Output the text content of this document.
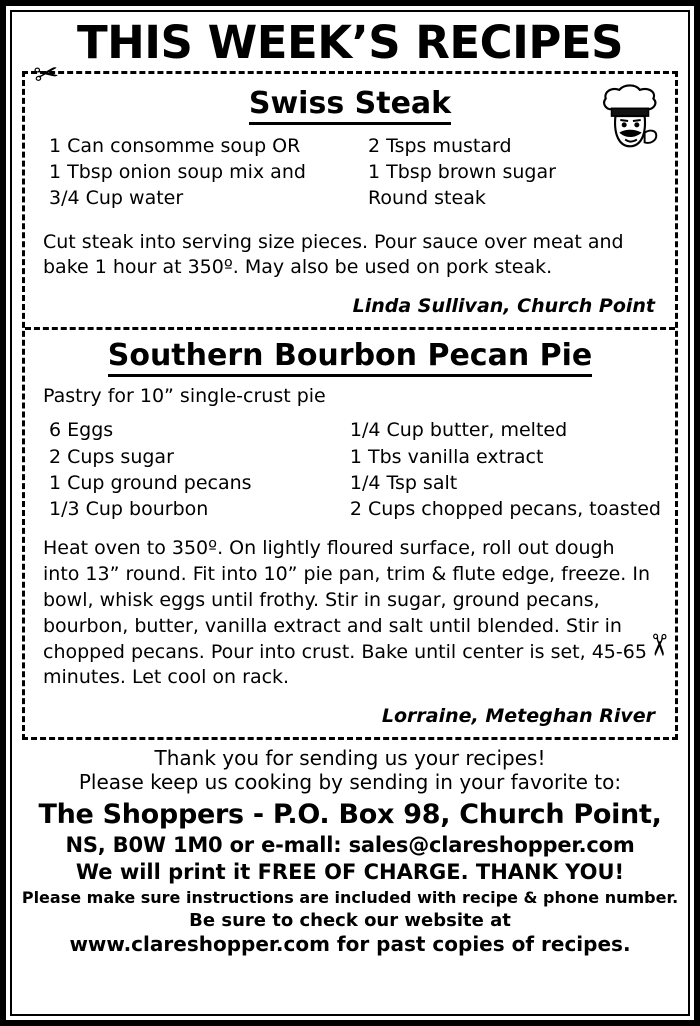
THIS WEEK’S RECIPES
Swiss Steak
1 Can consomme soup OR
1 Tbsp onion soup mix and
3/4 Cup water
2 Tsps mustard
1 Tbsp brown sugar
Round steak

Cut steak into serving size pieces. Pour sauce over meat and bake 1 hour at 350º. May also be used on pork steak.

Linda Sullivan, Church Point
Southern Bourbon Pecan Pie
Pastry for 10” single-crust pie
6 Eggs
2 Cups sugar
1 Cup ground pecans
1/3 Cup bourbon
1/4 Cup butter, melted
1 Tbs vanilla extract
1/4 Tsp salt
2 Cups chopped pecans, toasted

Heat oven to 350º. On lightly floured surface, roll out dough into 13” round. Fit into 10” pie pan, trim & flute edge, freeze. In bowl, whisk eggs until frothy. Stir in sugar, ground pecans, bourbon, butter, vanilla extract and salt until blended. Stir in chopped pecans. Pour into crust. Bake until center is set, 45-65 minutes. Let cool on rack.

Lorraine, Meteghan River
Thank you for sending us your recipes!
Please keep us cooking by sending in your favorite to:
The Shoppers - P.O. Box 98, Church Point,
NS, B0W 1M0 or e-mall: sales@clareshopper.com
We will print it FREE OF CHARGE. THANK YOU!
Please make sure instructions are included with recipe & phone number.
Be sure to check our website at
www.clareshopper.com for past copies of recipes.
✂
✂
